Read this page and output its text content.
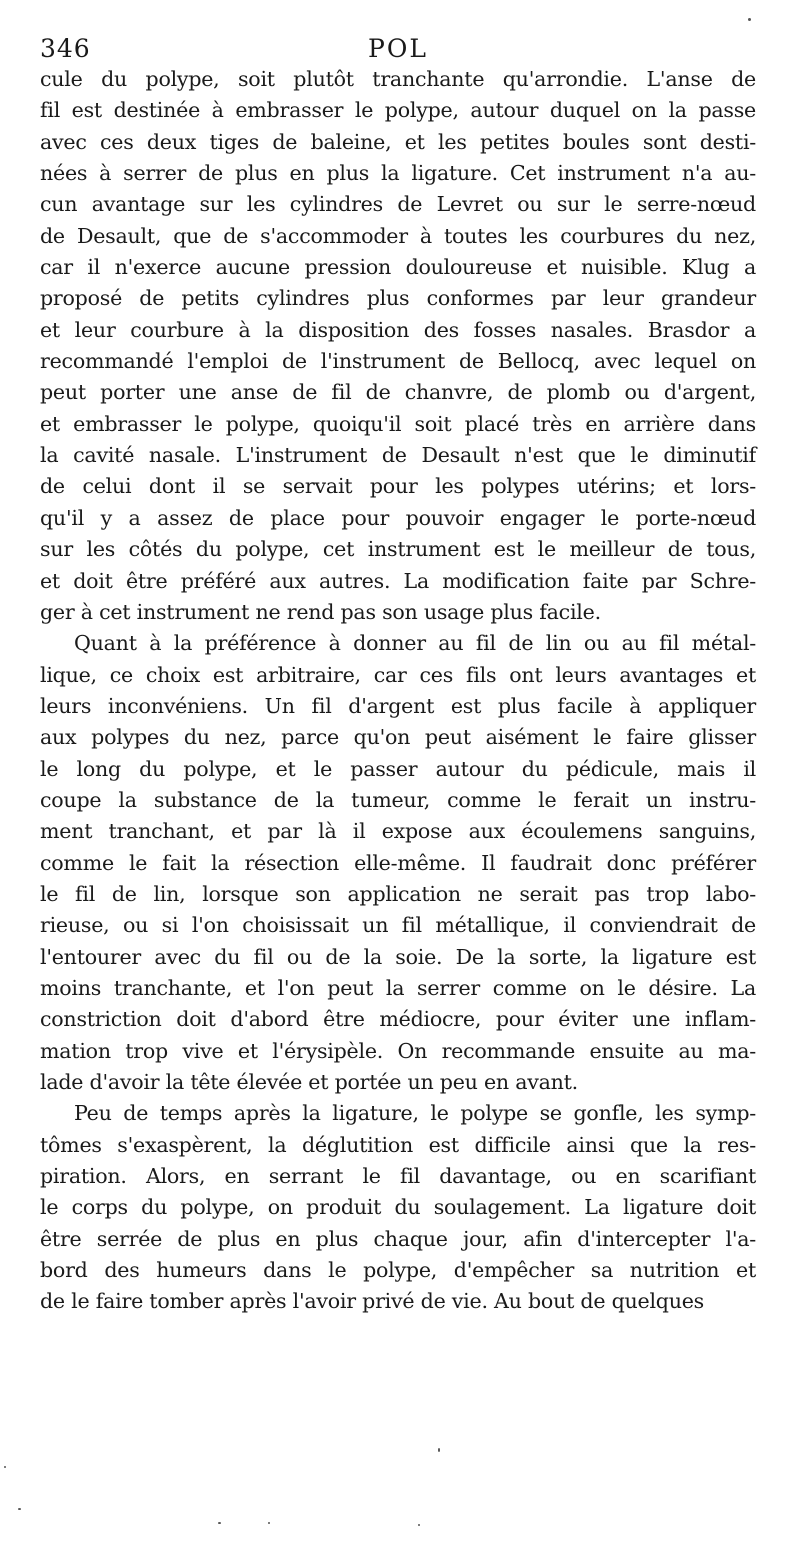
346	POL

cule du polype, soit plutôt tranchante qu'arrondie. L'anse de
fil est destinée à embrasser le polype, autour duquel on la passe
avec ces deux tiges de baleine, et les petites boules sont desti-
nées à serrer de plus en plus la ligature. Cet instrument n'a au-
cun avantage sur les cylindres de Levret ou sur le serre-nœud
de Desault, que de s'accommoder à toutes les courbures du nez,
car il n'exerce aucune pression douloureuse et nuisible. Klug a
proposé de petits cylindres plus conformes par leur grandeur
et leur courbure à la disposition des fosses nasales. Brasdor a
recommandé l'emploi de l'instrument de Bellocq, avec lequel on
peut porter une anse de fil de chanvre, de plomb ou d'argent,
et embrasser le polype, quoiqu'il soit placé très en arrière dans
la cavité nasale. L'instrument de Desault n'est que le diminutif
de celui dont il se servait pour les polypes utérins; et lors-
qu'il y a assez de place pour pouvoir engager le porte-nœud
sur les côtés du polype, cet instrument est le meilleur de tous,
et doit être préféré aux autres. La modification faite par Schre-
ger à cet instrument ne rend pas son usage plus facile.

Quant à la préférence à donner au fil de lin ou au fil métal-
lique, ce choix est arbitraire, car ces fils ont leurs avantages et
leurs inconvéniens. Un fil d'argent est plus facile à appliquer
aux polypes du nez, parce qu'on peut aisément le faire glisser
le long du polype, et le passer autour du pédicule, mais il
coupe la substance de la tumeur, comme le ferait un instru-
ment tranchant, et par là il expose aux écoulemens sanguins,
comme le fait la résection elle-même. Il faudrait donc préférer
le fil de lin, lorsque son application ne serait pas trop labo-
rieuse, ou si l'on choisissait un fil métallique, il conviendrait de
l'entourer avec du fil ou de la soie. De la sorte, la ligature est
moins tranchante, et l'on peut la serrer comme on le désire. La
constriction doit d'abord être médiocre, pour éviter une inflam-
mation trop vive et l'érysipèle. On recommande ensuite au ma-
lade d'avoir la tête élevée et portée un peu en avant.

Peu de temps après la ligature, le polype se gonfle, les symp-
tômes s'exaspèrent, la déglutition est difficile ainsi que la res-
piration. Alors, en serrant le fil davantage, ou en scarifiant
le corps du polype, on produit du soulagement. La ligature doit
être serrée de plus en plus chaque jour, afin d'intercepter l'a-
bord des humeurs dans le polype, d'empêcher sa nutrition et
de le faire tomber après l'avoir privé de vie. Au bout de quelques
